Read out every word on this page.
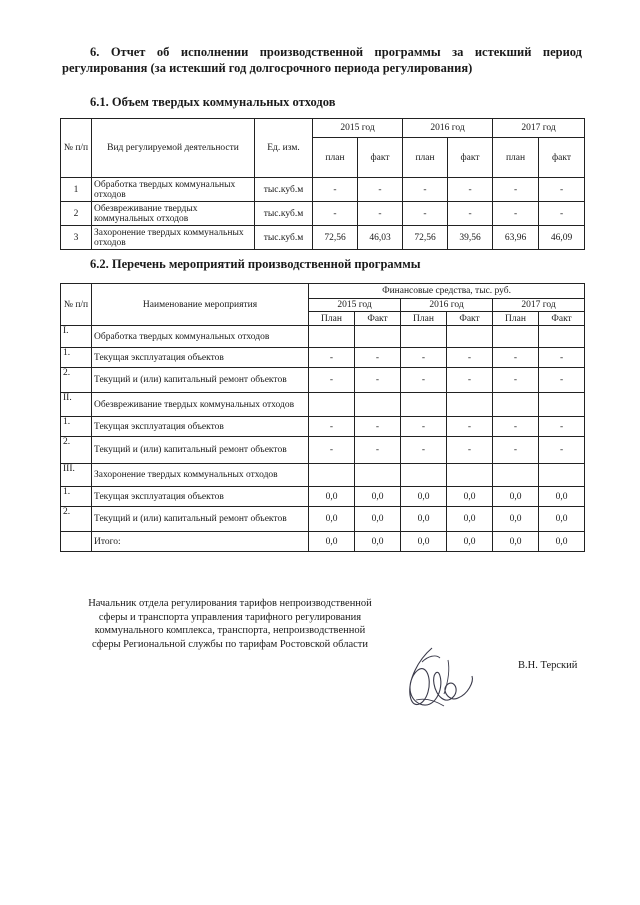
6. Отчет об исполнении производственной программы за истекший период регулирования (за истекший год долгосрочного периода регулирования)
6.1. Объем твердых коммунальных отходов
№ п/п	Вид регулируемой деятельности	Ед. изм.	2015 год		2016 год		2017 год	
			план	факт	план	факт	план	факт
1	Обработка твердых коммунальных отходов	тыс.куб.м	-	-	-	-	-	-
2	Обезвреживание твердых коммунальных отходов	тыс.куб.м	-	-	-	-	-	-
3	Захоронение твердых коммунальных отходов	тыс.куб.м	72,56	46,03	72,56	39,56	63,96	46,09
6.2. Перечень мероприятий производственной программы
№ п/п	Наименование мероприятия	Финансовые средства, тыс. руб.					
		2015 год		2016 год		2017 год	
		План	Факт	План	Факт	План	Факт
I.	Обработка твердых коммунальных отходов						
1.	Текущая эксплуатация объектов	-	-	-	-	-	-
2.	Текущий и (или) капитальный ремонт объектов	-	-	-	-	-	-
II.	Обезвреживание твердых коммунальных отходов						
1.	Текущая эксплуатация объектов	-	-	-	-	-	-
2.	Текущий и (или) капитальный ремонт объектов	-	-	-	-	-	-
III.	Захоронение твердых коммунальных отходов						
1.	Текущая эксплуатация объектов	0,0	0,0	0,0	0,0	0,0	0,0
2.	Текущий и (или) капитальный ремонт объектов	0,0	0,0	0,0	0,0	0,0	0,0
	Итого:	0,0	0,0	0,0	0,0	0,0	0,0
Начальник отдела регулирования тарифов непроизводственной сферы и транспорта управления тарифного регулирования коммунального комплекса, транспорта, непроизводственной сферы Региональной службы по тарифам Ростовской области
В.Н. Терский
